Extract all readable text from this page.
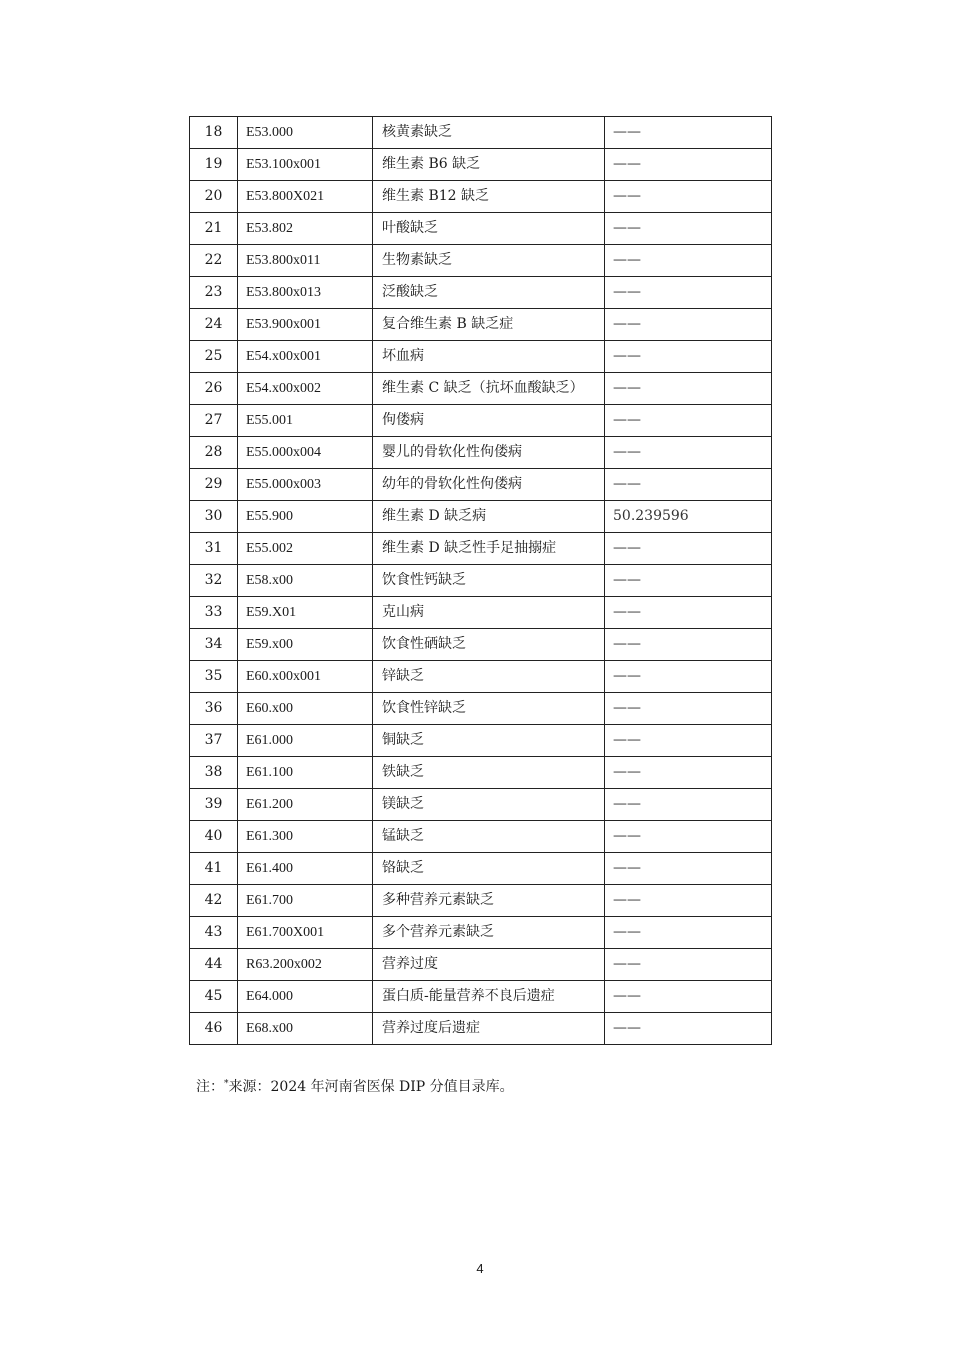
18	E53.000	核黄素缺乏	——
19	E53.100x001	维生素 B6 缺乏	——
20	E53.800X021	维生素 B12 缺乏	——
21	E53.802	叶酸缺乏	——
22	E53.800x011	生物素缺乏	——
23	E53.800x013	泛酸缺乏	——
24	E53.900x001	复合维生素 B 缺乏症	——
25	E54.x00x001	坏血病	——
26	E54.x00x002	维生素 C 缺乏（抗坏血酸缺乏）	——
27	E55.001	佝偻病	——
28	E55.000x004	婴儿的骨软化性佝偻病	——
29	E55.000x003	幼年的骨软化性佝偻病	——
30	E55.900	维生素 D 缺乏病	50.239596
31	E55.002	维生素 D 缺乏性手足抽搦症	——
32	E58.x00	饮食性钙缺乏	——
33	E59.X01	克山病	——
34	E59.x00	饮食性硒缺乏	——
35	E60.x00x001	锌缺乏	——
36	E60.x00	饮食性锌缺乏	——
37	E61.000	铜缺乏	——
38	E61.100	铁缺乏	——
39	E61.200	镁缺乏	——
40	E61.300	锰缺乏	——
41	E61.400	铬缺乏	——
42	E61.700	多种营养元素缺乏	——
43	E61.700X001	多个营养元素缺乏	——
44	R63.200x002	营养过度	——
45	E64.000	蛋白质-能量营养不良后遗症	——
46	E68.x00	营养过度后遗症	——
注：*来源：2024 年河南省医保 DIP 分值目录库。
4
